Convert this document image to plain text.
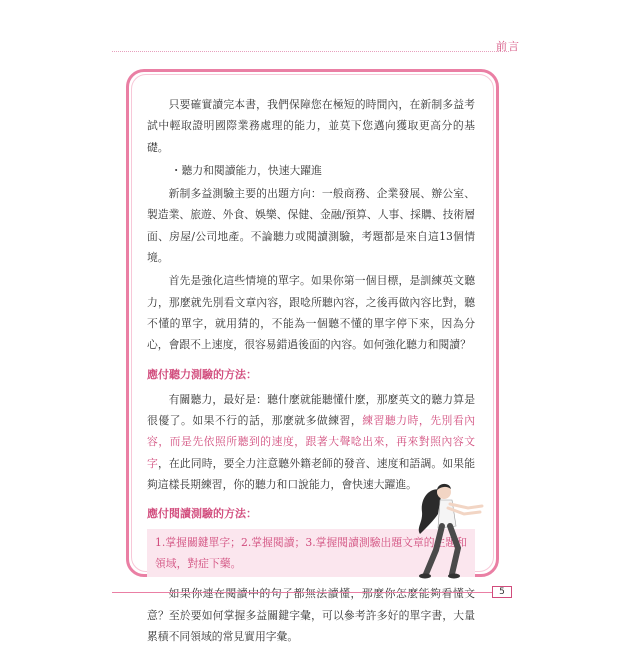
前言

只要確實讀完本書，我們保障您在極短的時間內，在新制多益考試中輕取證明國際業務處理的能力，並莫下您邁向獲取更高分的基礎。

・聽力和閱讀能力，快速大躍進

新制多益測驗主要的出題方向：一般商務、企業發展、辦公室、製造業、旅遊、外食、娛樂、保健、金融/預算、人事、採購、技術層面、房屋/公司地產。不論聽力或閱讀測驗，考題都是來自這13個情境。

首先是強化這些情境的單字。如果你第一個目標，是訓練英文聽力，那麼就先別看文章內容，跟唸所聽內容，之後再做內容比對，聽不懂的單字，就用猜的，不能為一個聽不懂的單字停下來，因為分心，會跟不上速度，很容易錯過後面的內容。如何強化聽力和閱讀？

應付聽力測驗的方法：

有關聽力，最好是：聽什麼就能聽懂什麼，那麼英文的聽力算是很優了。如果不行的話，那麼就多做練習，練習聽力時，先別看內容，而是先依照所聽到的速度，跟著大聲唸出來，再來對照內容文字，在此同時，要全力注意聽外籍老師的發音、速度和語調。如果能夠這樣長期練習，你的聽力和口說能力，會快速大躍進。

應付閱讀測驗的方法：

1.掌握關鍵單字；2.掌握閱讀；3.掌握閱讀測驗出題文章的主題和領域，對症下藥。

如果你連在閱讀中的句子都無法讀懂，那麼你怎麼能夠看懂文意？至於要如何掌握多益關鍵字彙，可以參考許多好的單字書，大量累積不同領域的常見實用字彙。

5
